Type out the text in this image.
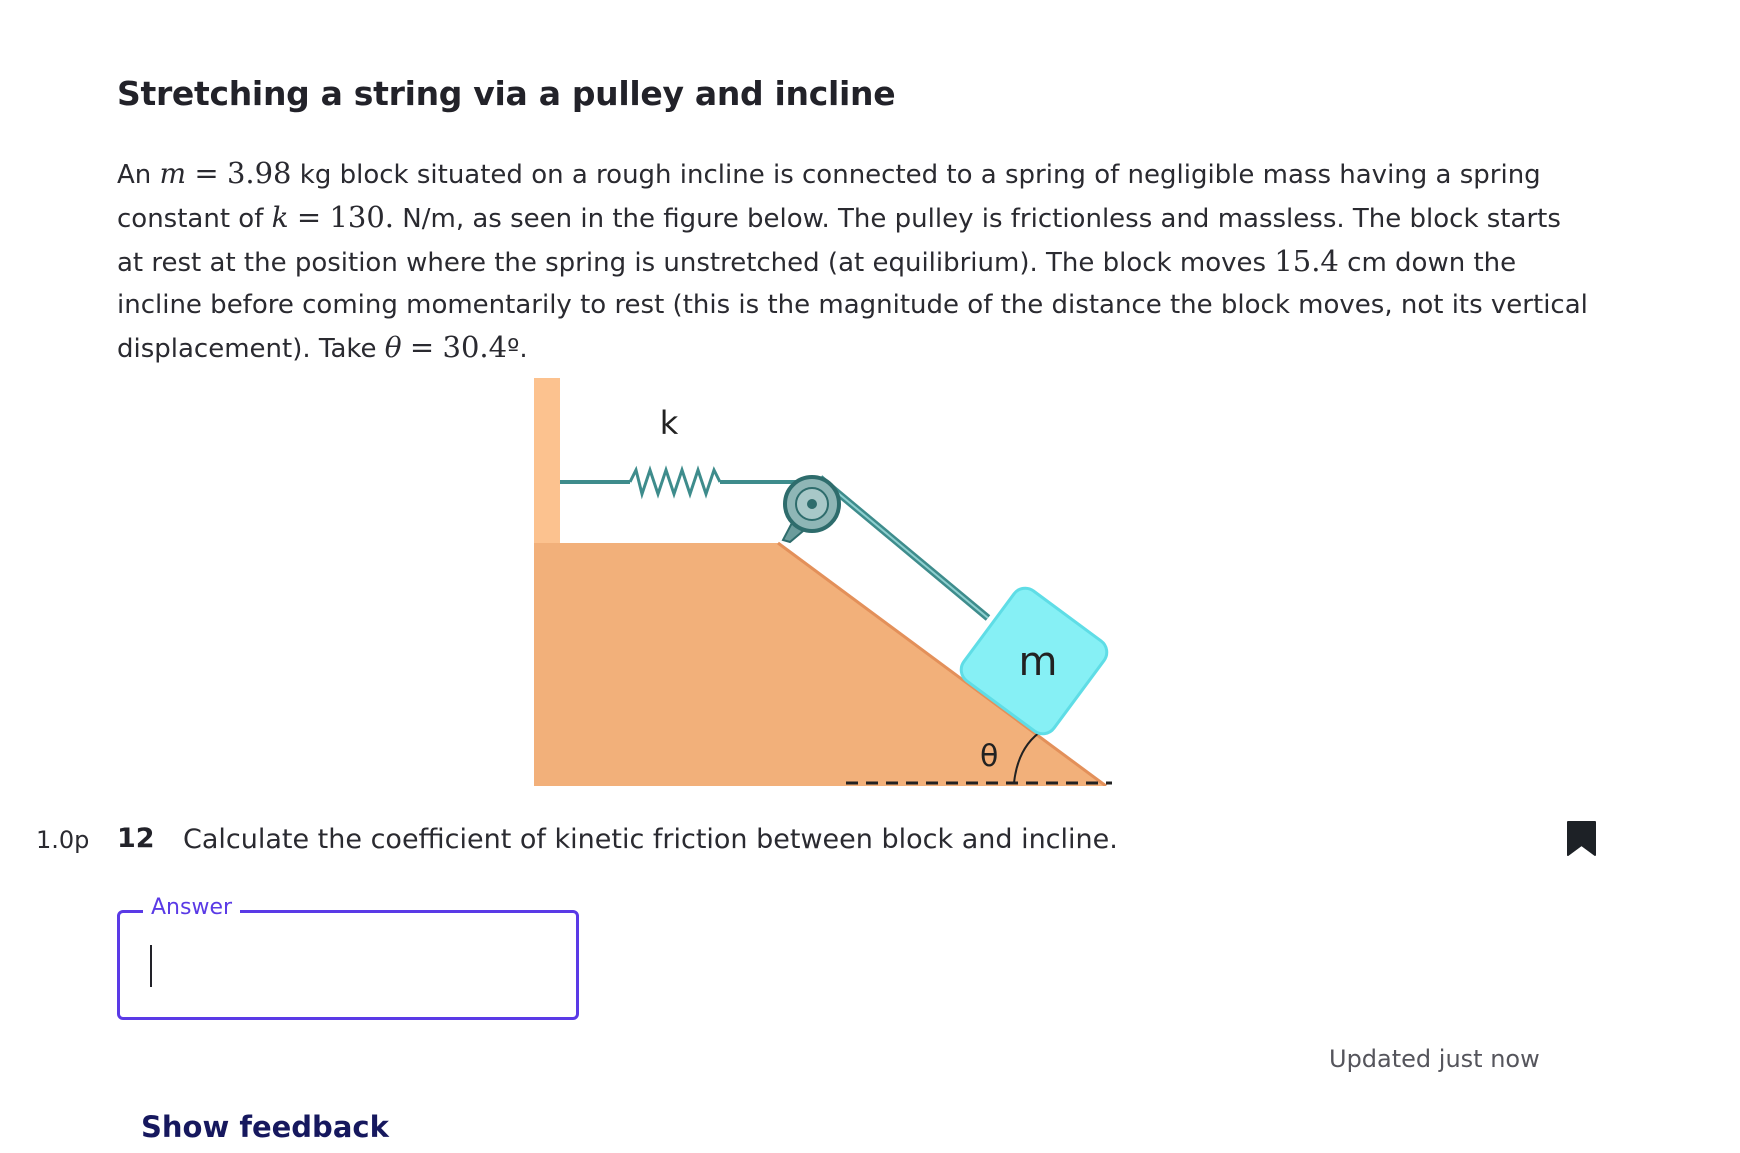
Stretching a string via a pulley and incline
An m = 3.98 kg block situated on a rough incline is connected to a spring of negligible mass having a spring
constant of k = 130. N/m, as seen in the figure below. The pulley is frictionless and massless. The block starts
at rest at the position where the spring is unstretched (at equilibrium). The block moves 15.4 cm down the
incline before coming momentarily to rest (this is the magnitude of the distance the block moves, not its vertical
displacement). Take θ = 30.4º.
θ
k
m
1.0p 12 Calculate the coefficient of kinetic friction between block and incline.
Answer
Updated just now
Show feedback
